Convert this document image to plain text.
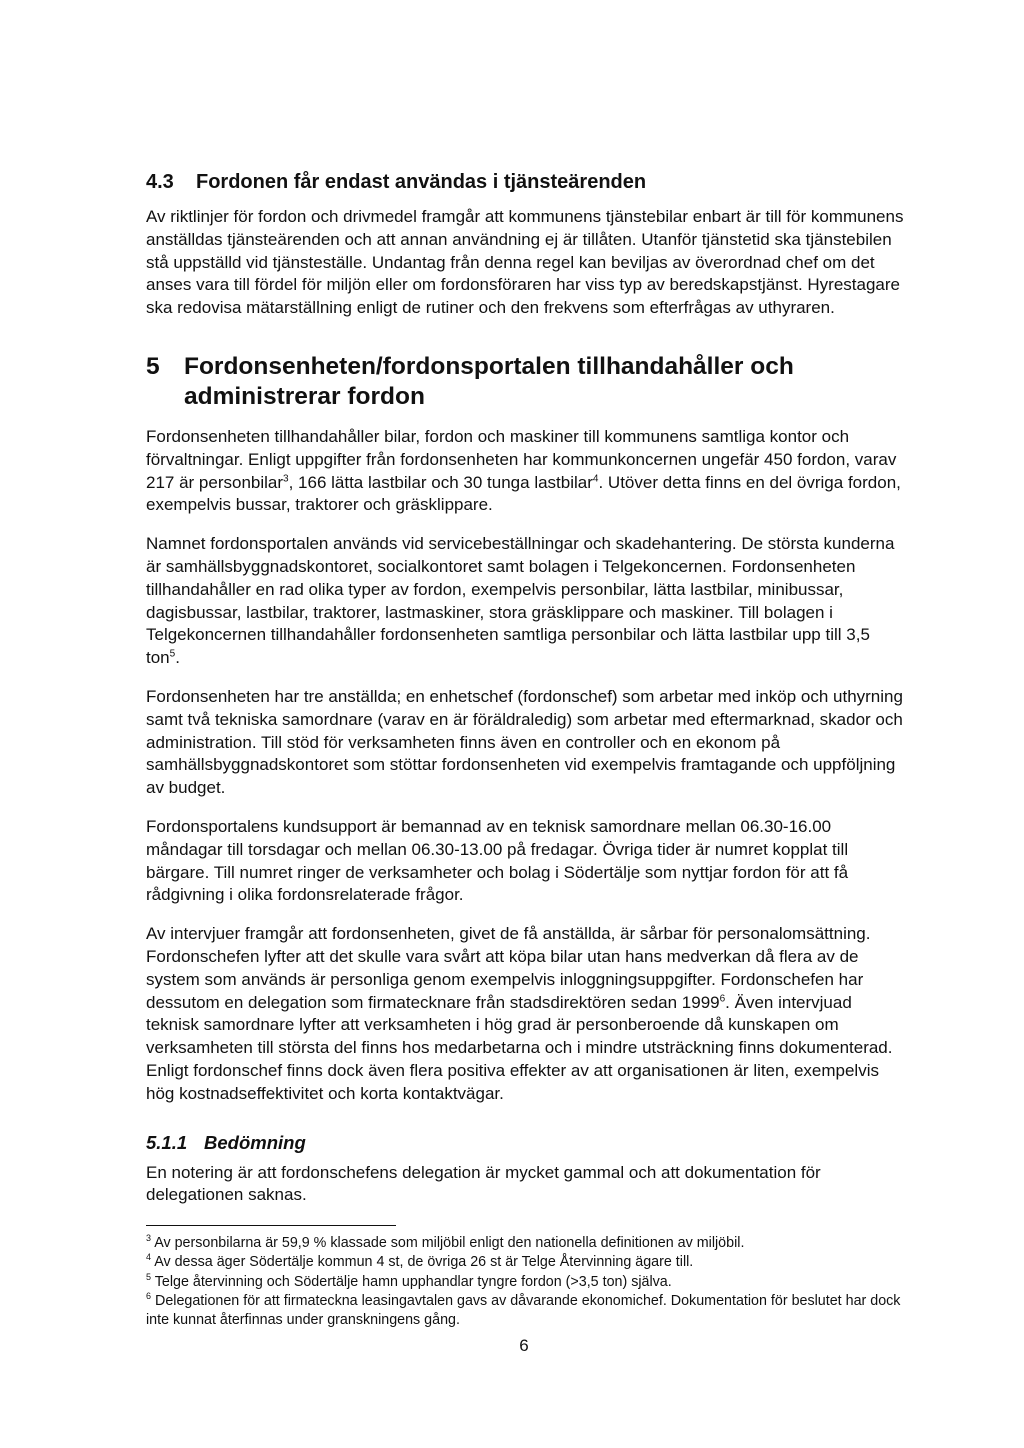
4.3	Fordonen får endast användas i tjänsteärenden

Av riktlinjer för fordon och drivmedel framgår att kommunens tjänstebilar enbart är till för kommunens anställdas tjänsteärenden och att annan användning ej är tillåten. Utanför tjänstetid ska tjänstebilen stå uppställd vid tjänsteställe. Undantag från denna regel kan beviljas av överordnad chef om det anses vara till fördel för miljön eller om fordonsföraren har viss typ av beredskapstjänst. Hyrestagare ska redovisa mätarställning enligt de rutiner och den frekvens som efterfrågas av uthyraren.

5 Fordonsenheten/fordonsportalen tillhandahåller och administrerar fordon

Fordonsenheten tillhandahåller bilar, fordon och maskiner till kommunens samtliga kontor och förvaltningar. Enligt uppgifter från fordonsenheten har kommunkoncernen ungefär 450 fordon, varav 217 är personbilar$^3$, 166 lätta lastbilar och 30 tunga lastbilar$^4$. Utöver detta finns en del övriga fordon, exempelvis bussar, traktorer och gräsklippare.

Namnet fordonsportalen används vid servicebeställningar och skadehantering. De största kunderna är samhällsbyggnadskontoret, socialkontoret samt bolagen i Telgekoncernen. Fordonsenheten tillhandahåller en rad olika typer av fordon, exempelvis personbilar, lätta lastbilar, minibussar, dagisbussar, lastbilar, traktorer, lastmaskiner, stora gräsklippare och maskiner. Till bolagen i Telgekoncernen tillhandahåller fordonsenheten samtliga personbilar och lätta lastbilar upp till 3,5 ton$^5$.

Fordonsenheten har tre anställda; en enhetschef (fordonschef) som arbetar med inköp och uthyrning samt två tekniska samordnare (varav en är föräldraledig) som arbetar med eftermarknad, skador och administration. Till stöd för verksamheten finns även en controller och en ekonom på samhällsbyggnadskontoret som stöttar fordonsenheten vid exempelvis framtagande och uppföljning av budget.

Fordonsportalens kundsupport är bemannad av en teknisk samordnare mellan 06.30-16.00 måndagar till torsdagar och mellan 06.30-13.00 på fredagar. Övriga tider är numret kopplat till bärgare. Till numret ringer de verksamheter och bolag i Södertälje som nyttjar fordon för att få rådgivning i olika fordonsrelaterade frågor.

Av intervjuer framgår att fordonsenheten, givet de få anställda, är sårbar för personalomsättning. Fordonschefen lyfter att det skulle vara svårt att köpa bilar utan hans medverkan då flera av de system som används är personliga genom exempelvis inloggningsuppgifter. Fordonschefen har dessutom en delegation som firmatecknare från stadsdirektören sedan 1999$^6$. Även intervjuad teknisk samordnare lyfter att verksamheten i hög grad är personberoende då kunskapen om verksamheten till största del finns hos medarbetarna och i mindre utsträckning finns dokumenterad. Enligt fordonschef finns dock även flera positiva effekter av att organisationen är liten, exempelvis hög kostnadseffektivitet och korta kontaktvägar.

5.1.1 Bedömning

En notering är att fordonschefens delegation är mycket gammal och att dokumentation för delegationen saknas.

$^3$ Av personbilarna är 59,9 % klassade som miljöbil enligt den nationella definitionen av miljöbil.

$^4$ Av dessa äger Södertälje kommun 4 st, de övriga 26 st är Telge Återvinning ägare till.

$^5$ Telge återvinning och Södertälje hamn upphandlar tyngre fordon (>3,5 ton) själva.

$^6$ Delegationen för att firmateckna leasingavtalen gavs av dåvarande ekonomichef. Dokumentation för beslutet har dock inte kunnat återfinnas under granskningens gång.

6
